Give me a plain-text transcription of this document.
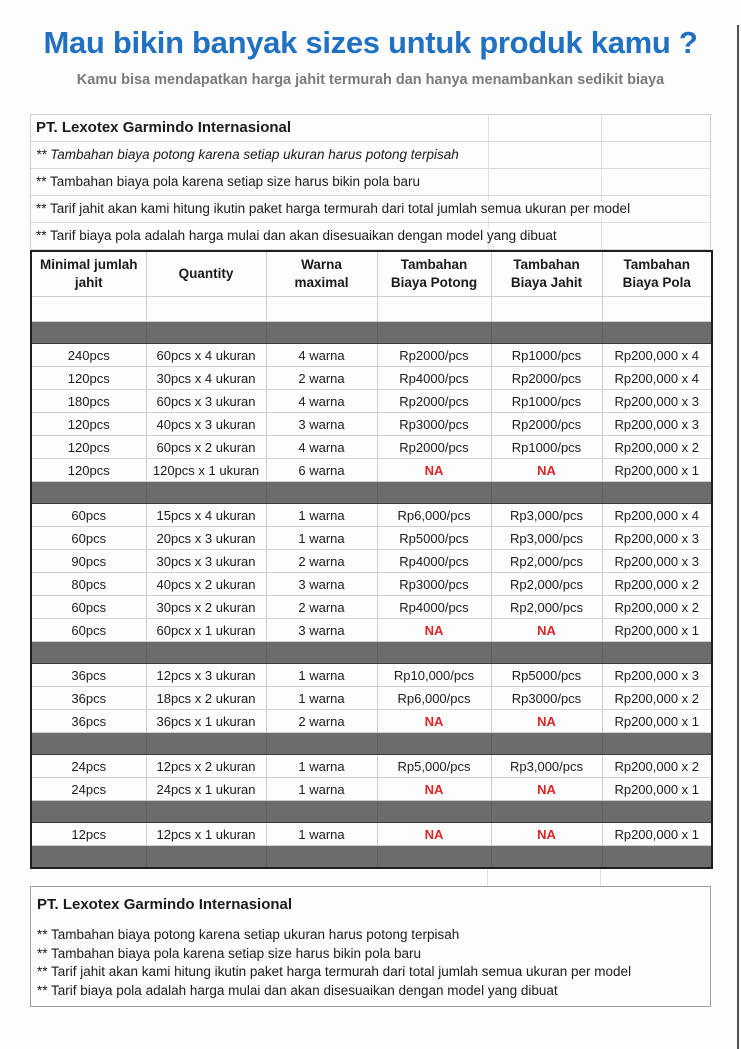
Mau bikin banyak sizes untuk produk kamu ?
Kamu bisa mendapatkan harga jahit termurah dan hanya menambankan sedikit biaya
PT. Lexotex Garmindo Internasional
** Tambahan biaya potong karena setiap ukuran harus potong terpisah
** Tambahan biaya pola karena setiap size harus bikin pola baru
** Tarif jahit akan kami hitung ikutin paket harga termurah dari total jumlah semua ukuran per model
** Tarif biaya pola adalah harga mulai dan akan disesuaikan dengan model yang dibuat
Minimal jumlah jahit	Quantity	Warna maximal	Tambahan Biaya Potong	Tambahan Biaya Jahit	Tambahan Biaya Pola

240pcs	60pcs x 4 ukuran	4 warna	Rp2000/pcs	Rp1000/pcs	Rp200,000 x 4
120pcs	30pcs x 4 ukuran	2 warna	Rp4000/pcs	Rp2000/pcs	Rp200,000 x 4
180pcs	60pcs x 3 ukuran	4 warna	Rp2000/pcs	Rp1000/pcs	Rp200,000 x 3
120pcs	40pcs x 3 ukuran	3 warna	Rp3000/pcs	Rp2000/pcs	Rp200,000 x 3
120pcs	60pcs x 2 ukuran	4 warna	Rp2000/pcs	Rp1000/pcs	Rp200,000 x 2
120pcs	120pcs x 1 ukuran	6 warna	NA	NA	Rp200,000 x 1

60pcs	15pcs x 4 ukuran	1 warna	Rp6,000/pcs	Rp3,000/pcs	Rp200,000 x 4
60pcs	20pcs x 3 ukuran	1 warna	Rp5000/pcs	Rp3,000/pcs	Rp200,000 x 3
90pcs	30pcs x 3 ukuran	2 warna	Rp4000/pcs	Rp2,000/pcs	Rp200,000 x 3
80pcs	40pcs x 2 ukuran	3 warna	Rp3000/pcs	Rp2,000/pcs	Rp200,000 x 2
60pcs	30pcs x 2 ukuran	2 warna	Rp4000/pcs	Rp2,000/pcs	Rp200,000 x 2
60pcs	60pcx x 1 ukuran	3 warna	NA	NA	Rp200,000 x 1

36pcs	12pcs x 3 ukuran	1 warna	Rp10,000/pcs	Rp5000/pcs	Rp200,000 x 3
36pcs	18pcs x 2 ukuran	1 warna	Rp6,000/pcs	Rp3000/pcs	Rp200,000 x 2
36pcs	36pcs x 1 ukuran	2 warna	NA	NA	Rp200,000 x 1

24pcs	12pcs x 2 ukuran	1 warna	Rp5,000/pcs	Rp3,000/pcs	Rp200,000 x 2
24pcs	24pcs x 1 ukuran	1 warna	NA	NA	Rp200,000 x 1

12pcs	12pcs x 1 ukuran	1 warna	NA	NA	Rp200,000 x 1

PT. Lexotex Garmindo Internasional
** Tambahan biaya potong karena setiap ukuran harus potong terpisah
** Tambahan biaya pola karena setiap size harus bikin pola baru
** Tarif jahit akan kami hitung ikutin paket harga termurah dari total jumlah semua ukuran per model
** Tarif biaya pola adalah harga mulai dan akan disesuaikan dengan model yang dibuat
